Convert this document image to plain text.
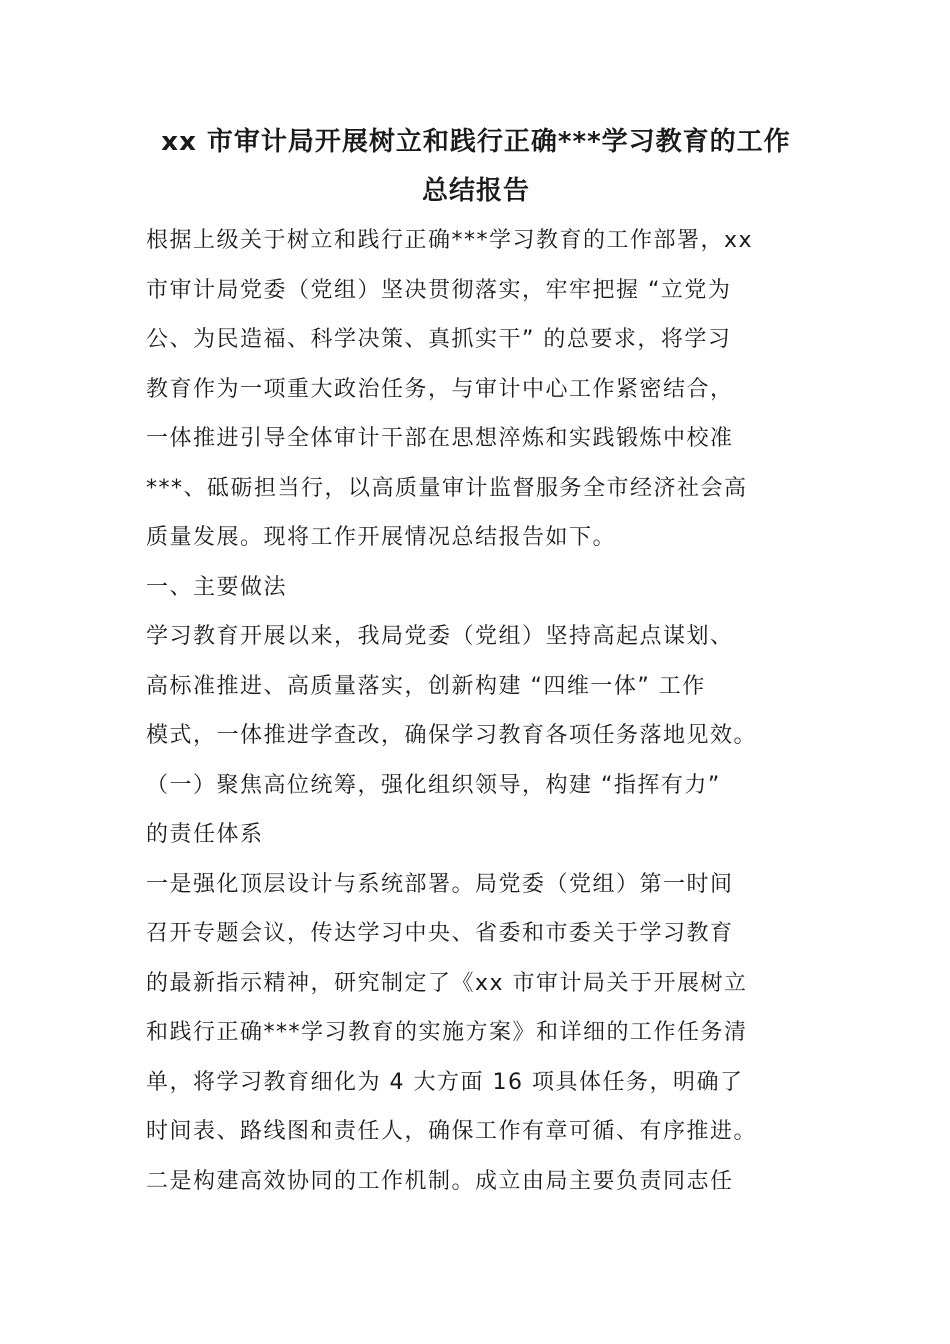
xx 市审计局开展树立和践行正确***学习教育的工作
总结报告
根据上级关于树立和践行正确***学习教育的工作部署，xx
市审计局党委（党组）坚决贯彻落实，牢牢把握 “立党为
公、为民造福、科学决策、真抓实干” 的总要求，将学习
教育作为一项重大政治任务，与审计中心工作紧密结合，
一体推进引导全体审计干部在思想淬炼和实践锻炼中校准
***、砥砺担当行，以高质量审计监督服务全市经济社会高
质量发展。现将工作开展情况总结报告如下。
一、主要做法
学习教育开展以来，我局党委（党组）坚持高起点谋划、
高标准推进、高质量落实，创新构建 “四维一体” 工作
模式，一体推进学查改，确保学习教育各项任务落地见效。
（一）聚焦高位统筹，强化组织领导，构建 “指挥有力”
的责任体系
一是强化顶层设计与系统部署。局党委（党组）第一时间
召开专题会议，传达学习中央、省委和市委关于学习教育
的最新指示精神，研究制定了《xx 市审计局关于开展树立
和践行正确***学习教育的实施方案》和详细的工作任务清
单，将学习教育细化为 4 大方面 16 项具体任务，明确了
时间表、路线图和责任人，确保工作有章可循、有序推进。
二是构建高效协同的工作机制。成立由局主要负责同志任
